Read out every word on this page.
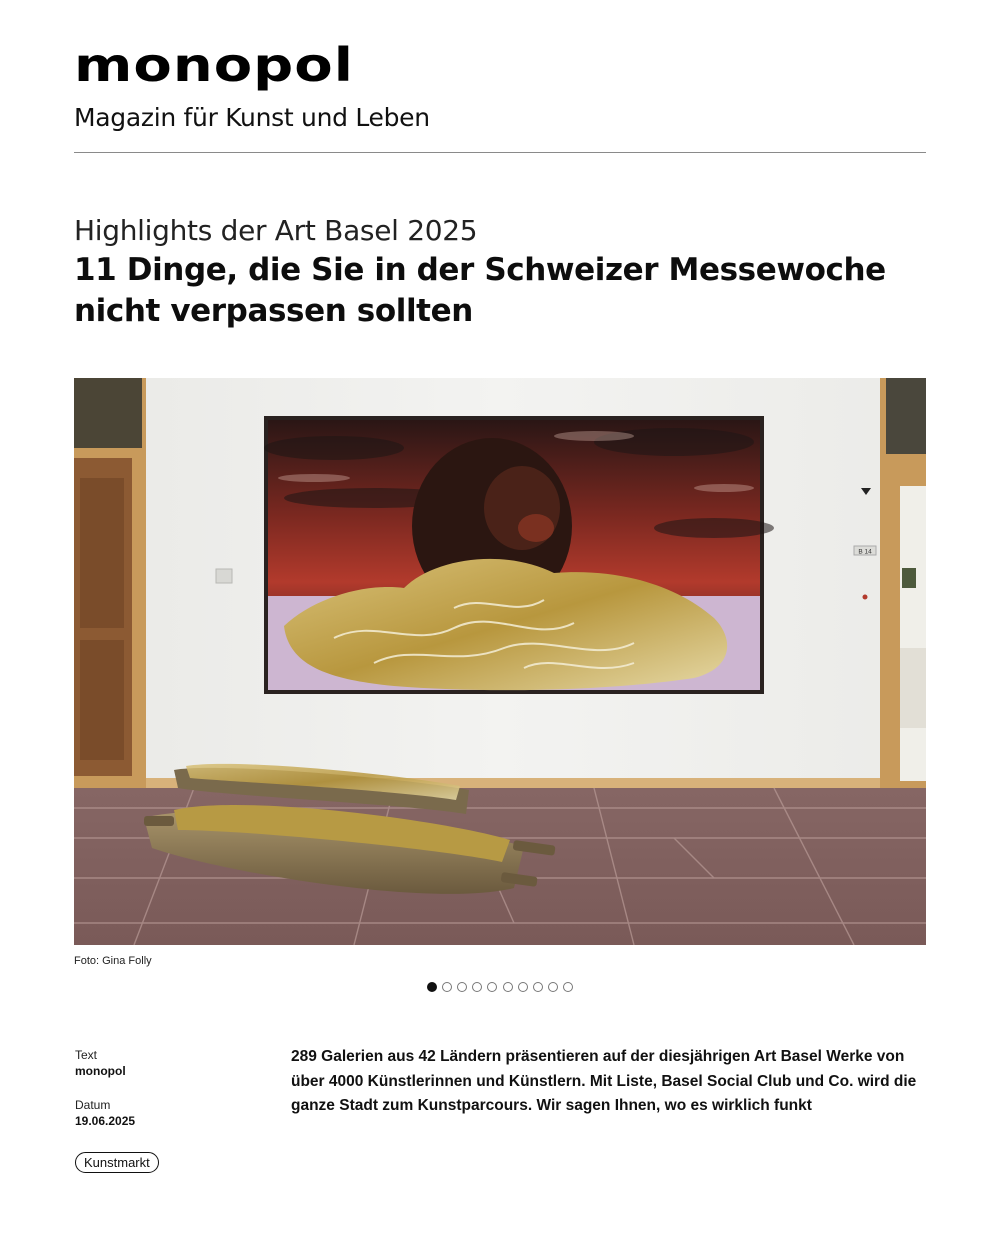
monopol
Magazin für Kunst und Leben
Highlights der Art Basel 2025
11 Dinge, die Sie in der Schweizer Messewoche nicht verpassen sollten
B 14
Foto: Gina Folly
Text
monopol
Datum
19.06.2025
Kunstmarkt

289 Galerien aus 42 Ländern präsentieren auf der diesjährigen Art Basel Werke von über 4000 Künstlerinnen und Künstlern. Mit Liste, Basel Social Club und Co. wird die ganze Stadt zum Kunstparcours. Wir sagen Ihnen, wo es wirklich funkt
